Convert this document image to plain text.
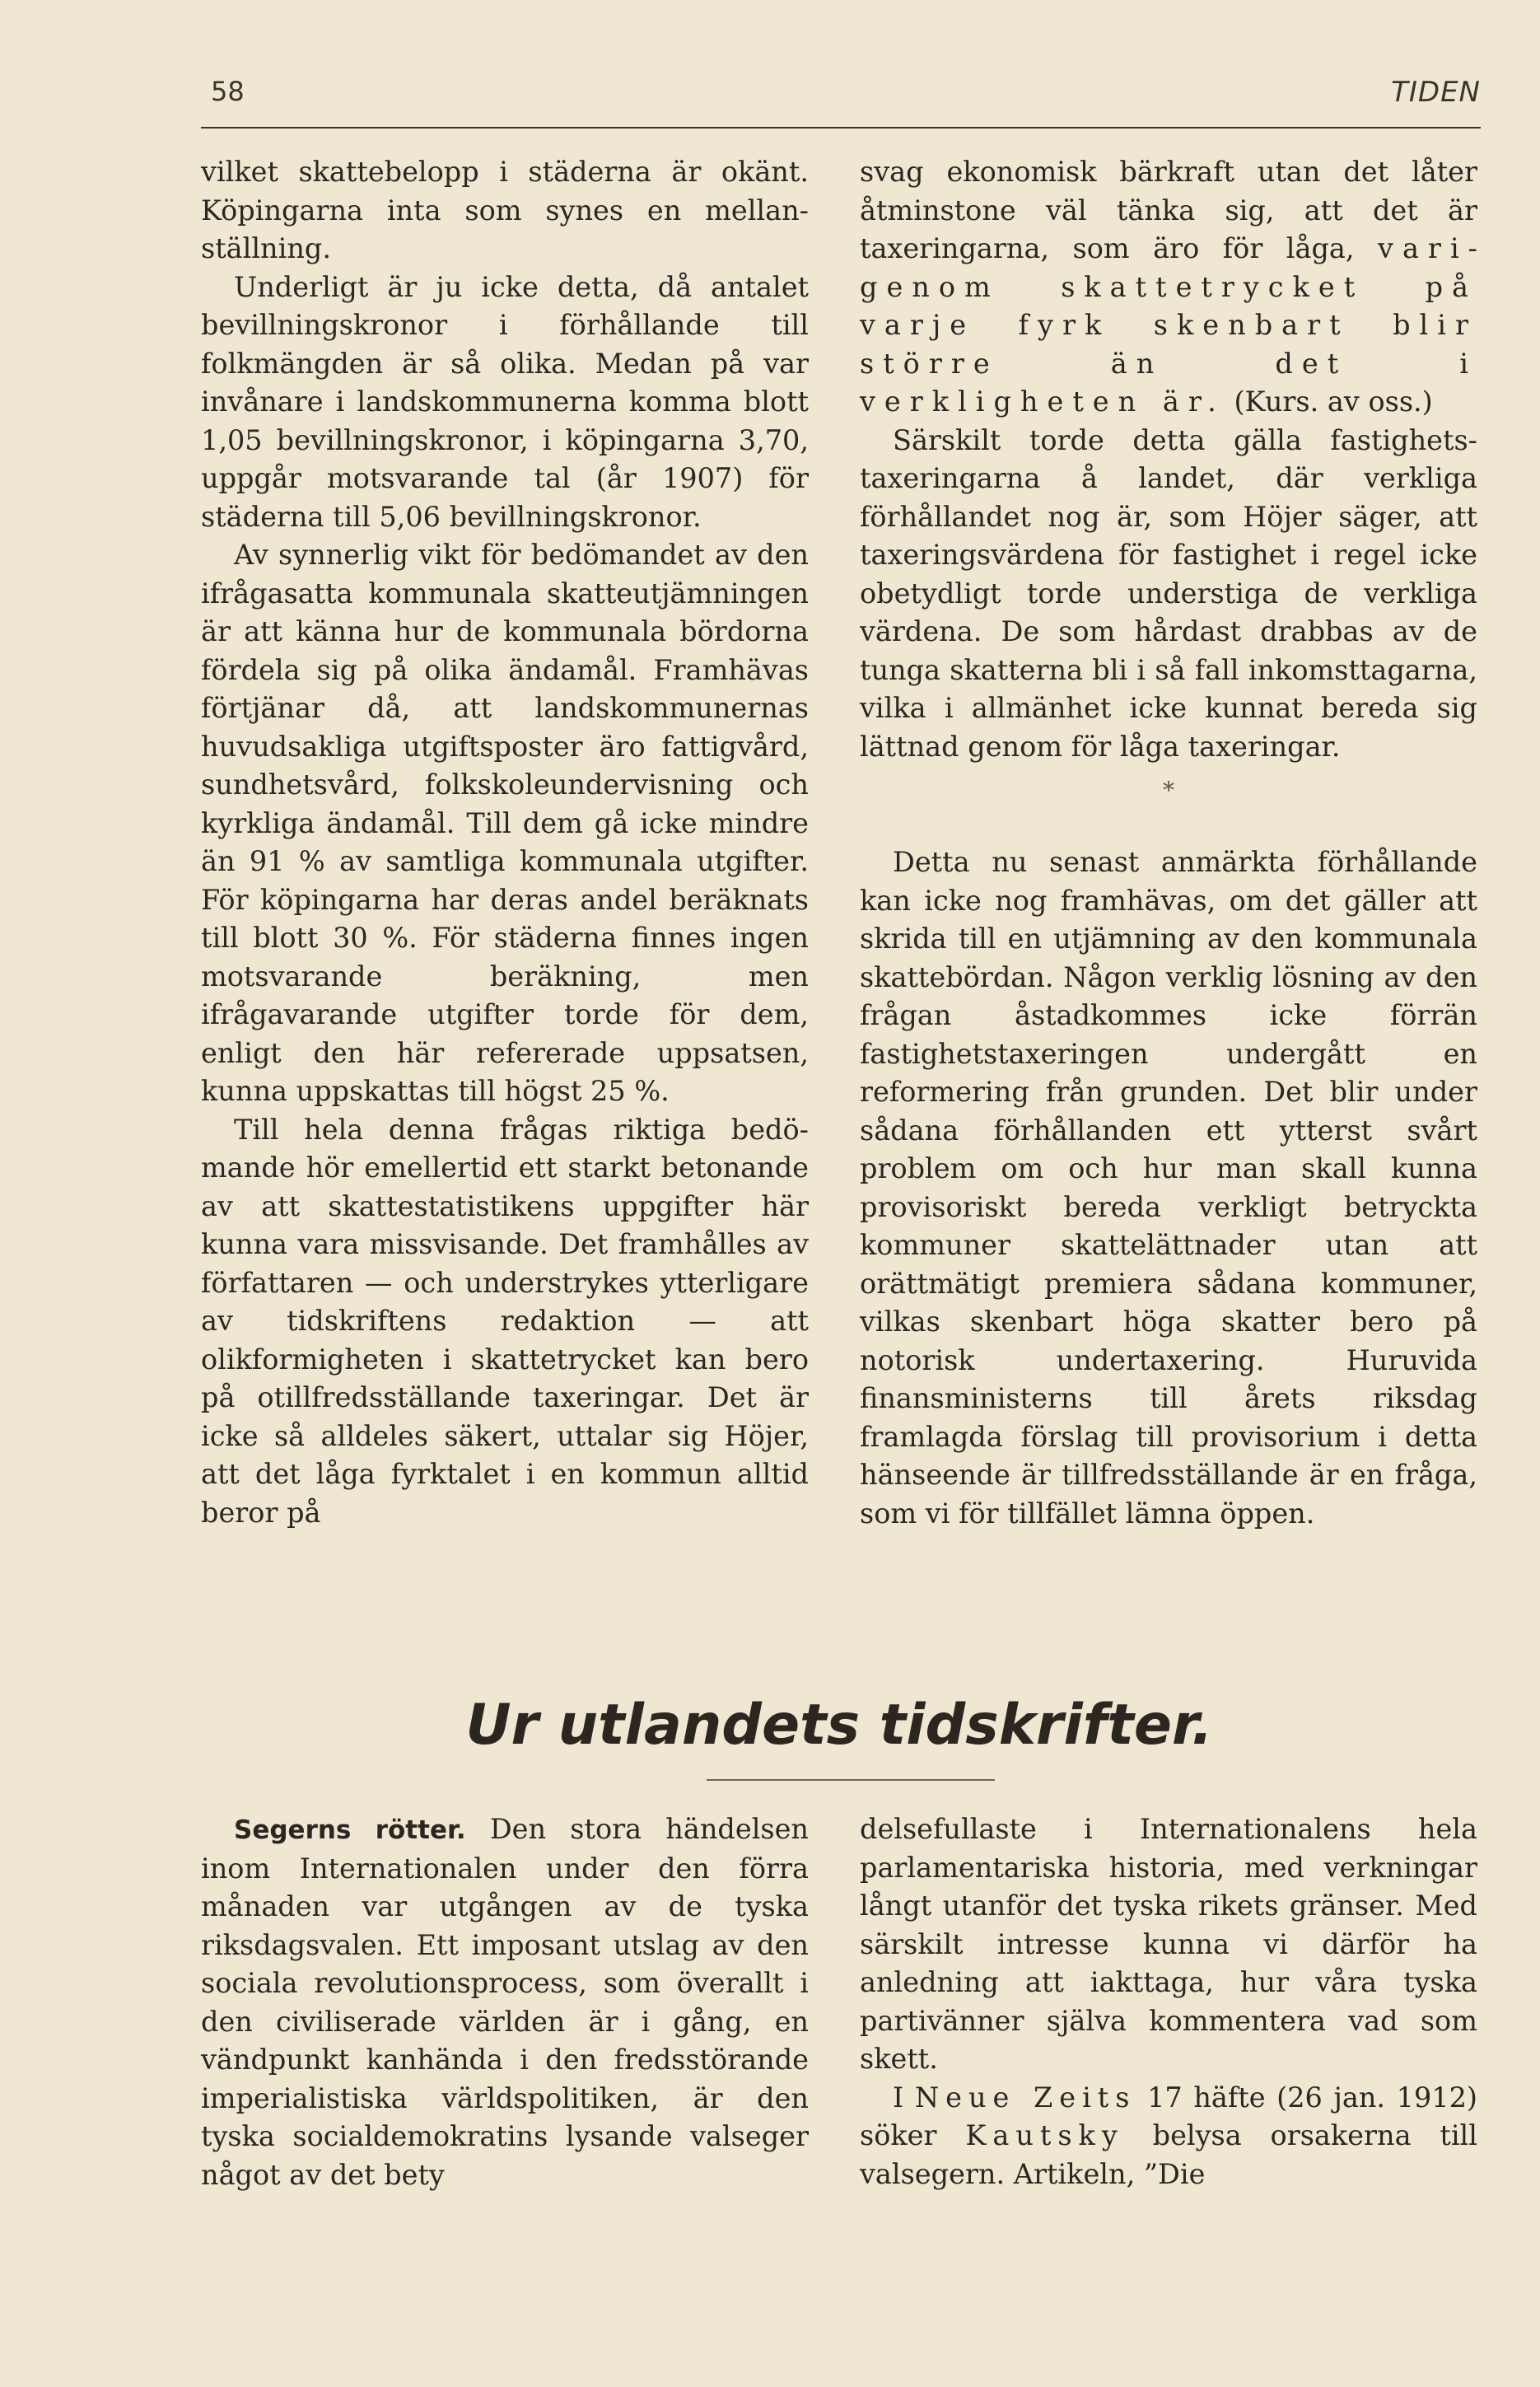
58	TIDEN

vilket skattebelopp i städerna är okänt. Köpingarna inta som synes en mellanställning.

Underligt är ju icke detta, då antalet bevillningskronor i förhållande till folkmängden är så olika. Medan på var invånare i landskommunerna komma blott 1,05 bevillningskronor, i köpingarna 3,70, uppgår motsvarande tal (år 1907) för städerna till 5,06 bevillningskronor.

Av synnerlig vikt för bedömandet av den ifrågasatta kommunala skatteutjämningen är att känna hur de kommunala bördorna fördela sig på olika ändamål. Framhävas förtjänar då, att landskommunernas huvudsakliga utgiftsposter äro fattigvård, sundhetsvård, folkskoleundervisning och kyrkliga ändamål. Till dem gå icke mindre än 91 % av samtliga kommunala utgifter. För köpingarna har deras andel beräknats till blott 30 %. För städerna finnes ingen motsvarande beräkning, men ifrågavarande utgifter torde för dem, enligt den här refererade uppsatsen, kunna uppskattas till högst 25 %.

Till hela denna frågas riktiga bedömande hör emellertid ett starkt betonande av att skattestatistikens uppgifter här kunna vara missvisande. Det framhålles av författaren — och understrykes ytterligare av tidskriftens redaktion — att olikformigheten i skattetrycket kan bero på otillfredsställande taxeringar. Det är icke så alldeles säkert, uttalar sig Höjer, att det låga fyrktalet i en kommun alltid beror på

svag ekonomisk bärkraft utan det låter åtminstone väl tänka sig, att det är taxeringarna, som äro för låga, varigenom skattetrycket på varje fyrk skenbart blir större än det i verkligheten är. (Kurs. av oss.)

Särskilt torde detta gälla fastighetstaxeringarna å landet, där verkliga förhållandet nog är, som Höjer säger, att taxeringsvärdena för fastighet i regel icke obetydligt torde understiga de verkliga värdena. De som hårdast drabbas av de tunga skatterna bli i så fall inkomsttagarna, vilka i allmänhet icke kunnat bereda sig lättnad genom för låga taxeringar.

*

Detta nu senast anmärkta förhållande kan icke nog framhävas, om det gäller att skrida till en utjämning av den kommunala skattebördan. Någon verklig lösning av den frågan åstadkommes icke förrän fastighetstaxeringen undergått en reformering från grunden. Det blir under sådana förhållanden ett ytterst svårt problem om och hur man skall kunna provisoriskt bereda verkligt betryckta kommuner skattelättnader utan att orättmätigt premiera sådana kommuner, vilkas skenbart höga skatter bero på notorisk undertaxering. Huruvida finansministerns till årets riksdag framlagda förslag till provisorium i detta hänseende är tillfredsställande är en fråga, som vi för tillfället lämna öppen.

Ur utlandets tidskrifter.

Segerns rötter. Den stora händelsen inom Internationalen under den förra månaden var utgången av de tyska riksdagsvalen. Ett imposant utslag av den sociala revolutionsprocess, som överallt i den civiliserade världen är i gång, en vändpunkt kanhända i den fredsstörande imperialistiska världspolitiken, är den tyska socialdemokratins lysande valseger något av det bety

delsefullaste i Internationalens hela parlamentariska historia, med verkningar långt utanför det tyska rikets gränser. Med särskilt intresse kunna vi därför ha anledning att iakttaga, hur våra tyska partivänner själva kommentera vad som skett.

I Neue Zeits 17 häfte (26 jan. 1912) söker Kautsky belysa orsakerna till valsegern. Artikeln, ”Die
